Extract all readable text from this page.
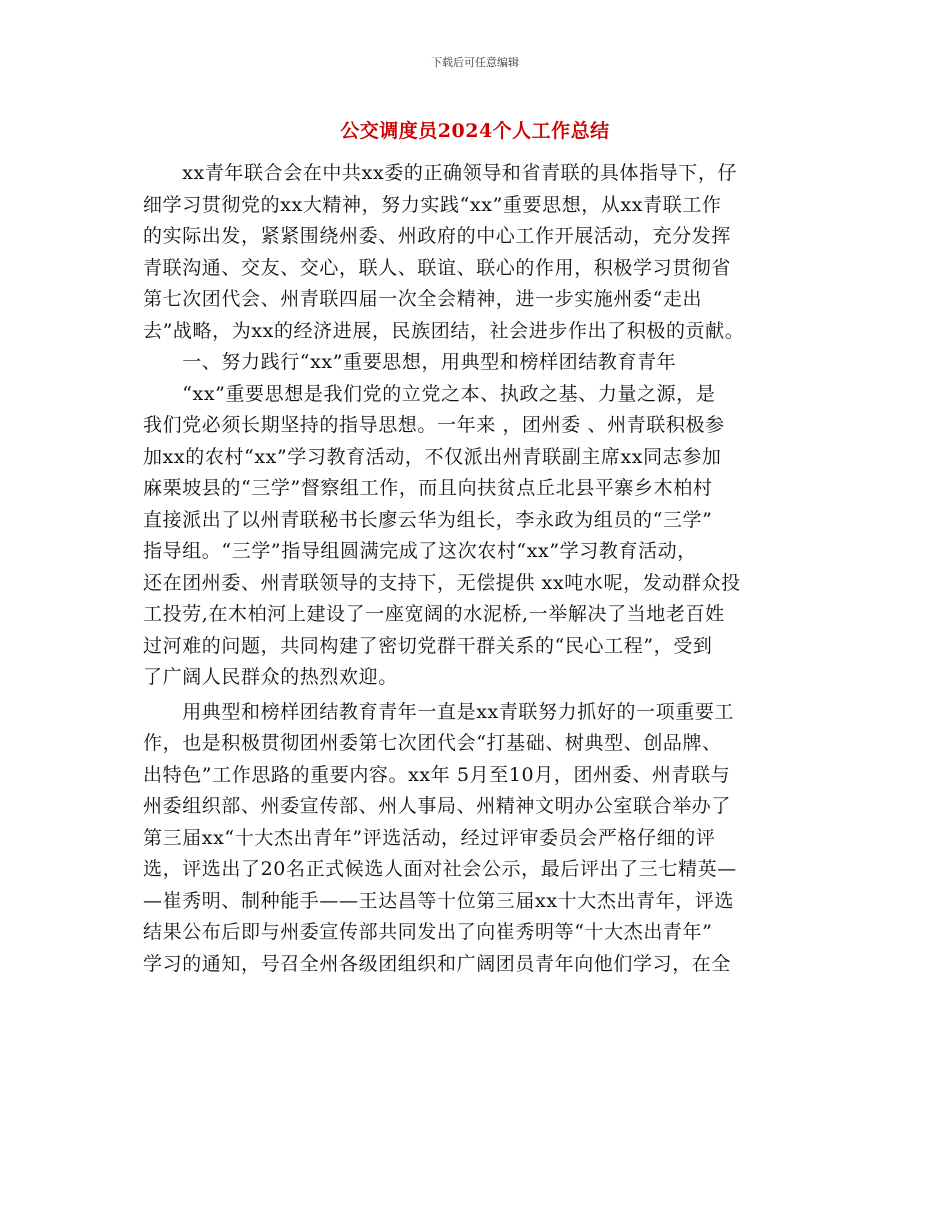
下载后可任意编辑
公交调度员2024个人工作总结
　　xx青年联合会在中共xx委的正确领导和省青联的具体指导下，仔
细学习贯彻党的xx大精神，努力实践“xx”重要思想，从xx青联工作
的实际出发，紧紧围绕州委、州政府的中心工作开展活动，充分发挥
青联沟通、交友、交心，联人、联谊、联心的作用，积极学习贯彻省
第七次团代会、州青联四届一次全会精神，进一步实施州委“走出
去”战略，为xx的经济进展，民族团结，社会进步作出了积极的贡献。
　　一、努力践行“xx”重要思想，用典型和榜样团结教育青年
　　“xx”重要思想是我们党的立党之本、执政之基、力量之源，是
我们党必须长期坚持的指导思想。一年来 ，团州委 、州青联积极参
加xx的农村“xx”学习教育活动，不仅派出州青联副主席xx同志参加
麻栗坡县的“三学”督察组工作，而且向扶贫点丘北县平寨乡木柏村
直接派出了以州青联秘书长廖云华为组长，李永政为组员的“三学”
指导组。“三学”指导组圆满完成了这次农村“xx”学习教育活动，
还在团州委、州青联领导的支持下，无偿提供 xx吨水呢，发动群众投
工投劳,在木柏河上建设了一座宽阔的水泥桥,一举解决了当地老百姓
过河难的问题，共同构建了密切党群干群关系的“民心工程”，受到
了广阔人民群众的热烈欢迎。
　　用典型和榜样团结教育青年一直是xx青联努力抓好的一项重要工
作，也是积极贯彻团州委第七次团代会“打基础、树典型、创品牌、
出特色”工作思路的重要内容。xx年 5月至10月，团州委、州青联与
州委组织部、州委宣传部、州人事局、州精神文明办公室联合举办了
第三届xx“十大杰出青年”评选活动，经过评审委员会严格仔细的评
选，评选出了20名正式候选人面对社会公示，最后评出了三七精英—
—崔秀明、制种能手——王达昌等十位第三届xx十大杰出青年，评选
结果公布后即与州委宣传部共同发出了向崔秀明等“十大杰出青年”
学习的通知，号召全州各级团组织和广阔团员青年向他们学习，在全
